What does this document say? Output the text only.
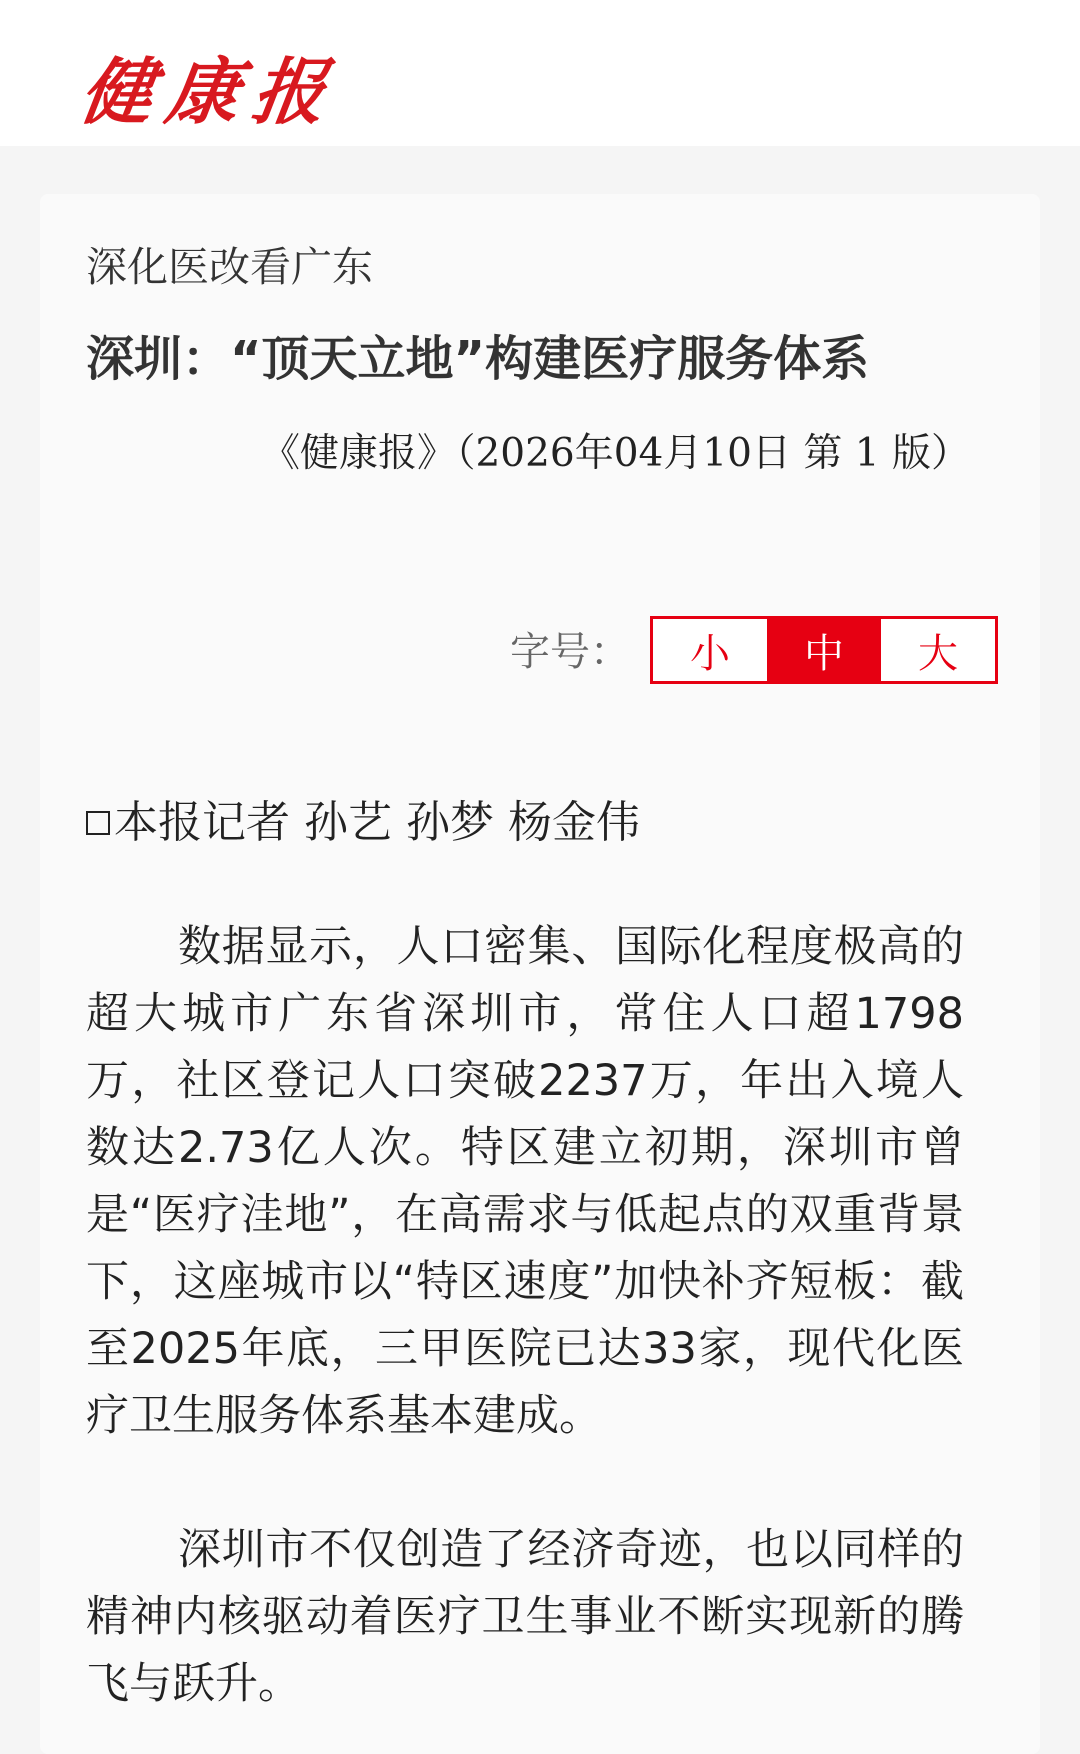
健康报
深化医改看广东
深圳：“顶天立地”构建医疗服务体系
《健康报》（2026年04月10日 第 1 版）
字号：	小	中	大
本报记者 孙艺 孙梦 杨金伟

数据显示，人口密集、国际化程度极高的超大城市广东省深圳市，常住人口超1798万，社区登记人口突破2237万，年出入境人数达2.73亿人次。特区建立初期，深圳市曾是“医疗洼地”，在高需求与低起点的双重背景下，这座城市以“特区速度”加快补齐短板：截至2025年底，三甲医院已达33家，现代化医疗卫生服务体系基本建成。

深圳市不仅创造了经济奇迹，也以同样的精神内核驱动着医疗卫生事业不断实现新的腾飞与跃升。
